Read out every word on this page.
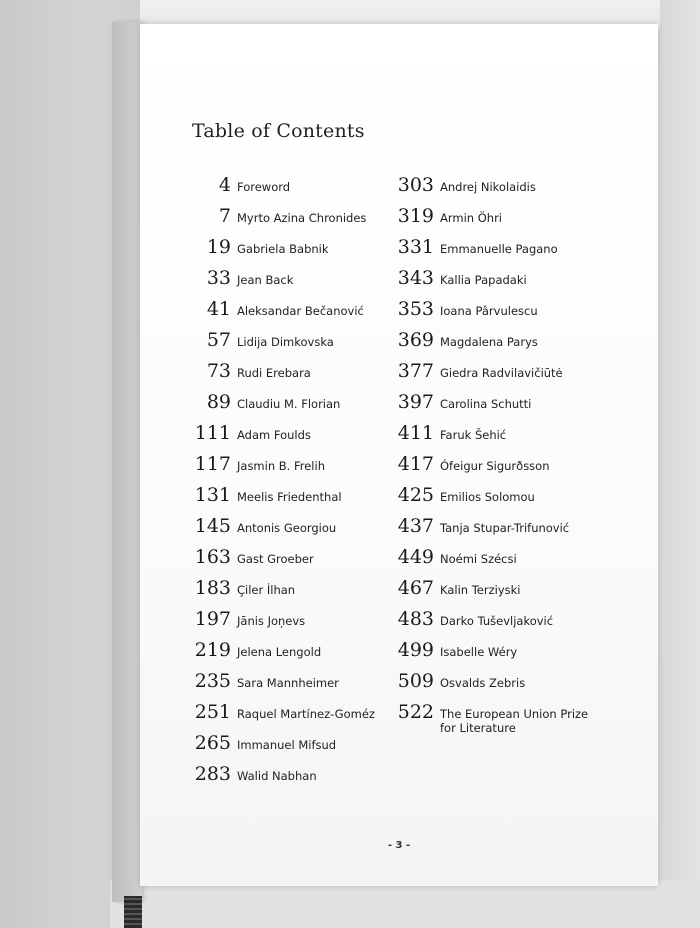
Table of Contents
4 Foreword
7 Myrto Azina Chronides
19 Gabriela Babnik
33 Jean Back
41 Aleksandar Bečanović
57 Lidija Dimkovska
73 Rudi Erebara
89 Claudiu M. Florian
111 Adam Foulds
117 Jasmin B. Frelih
131 Meelis Friedenthal
145 Antonis Georgiou
163 Gast Groeber
183 Çiler İlhan
197 Jānis Joņevs
219 Jelena Lengold
235 Sara Mannheimer
251 Raquel Martínez-Goméz
265 Immanuel Mifsud
283 Walid Nabhan
303 Andrej Nikolaidis
319 Armin Öhri
331 Emmanuelle Pagano
343 Kallia Papadaki
353 Ioana Pârvulescu
369 Magdalena Parys
377 Giedra Radvilavičiūtė
397 Carolina Schutti
411 Faruk Šehić
417 Ófeigur Sigurðsson
425 Emilios Solomou
437 Tanja Stupar-Trifunović
449 Noémi Szécsi
467 Kalin Terziyski
483 Darko Tuševljaković
499 Isabelle Wéry
509 Osvalds Zebris
522 The European Union Prize for Literature
- 3 -
